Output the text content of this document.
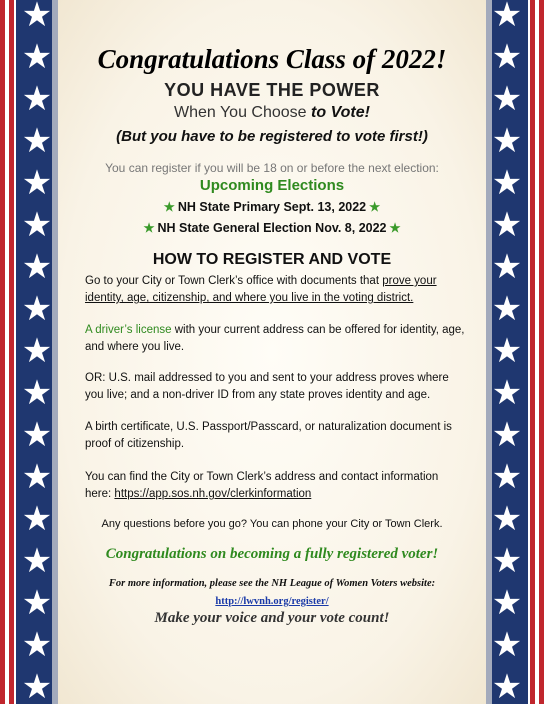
★
★
★
★
★
★
★
★
★
★
★
★
★
★
★
★
★
★
★
★
★
★
★
★
★
★
★
★
★
★
★
★
★
★
Congratulations Class of 2022!
YOU HAVE THE POWER
When You Choose to Vote!
(But you have to be registered to vote first!)
You can register if you will be 18 on or before the next election:
Upcoming Elections
✭ NH State Primary Sept. 13, 2022 ✭
✭ NH State General Election Nov. 8, 2022 ✭
HOW TO REGISTER AND VOTE
Go to your City or Town Clerk’s office with documents that prove your identity, age, citizenship, and where you live in the voting district.
A driver’s license with your current address can be offered for identity, age, and where you live.
OR: U.S. mail addressed to you and sent to your address proves where you live; and a non-driver ID from any state proves identity and age.
A birth certificate, U.S. Passport/Passcard, or naturalization document is proof of citizenship.
You can find the City or Town Clerk’s address and contact information here: https://app.sos.nh.gov/clerkinformation
Any questions before you go? You can phone your City or Town Clerk.
Congratulations on becoming a fully registered voter!
For more information, please see the NH League of Women Voters website:
http://lwvnh.org/register/
Make your voice and your vote count!
